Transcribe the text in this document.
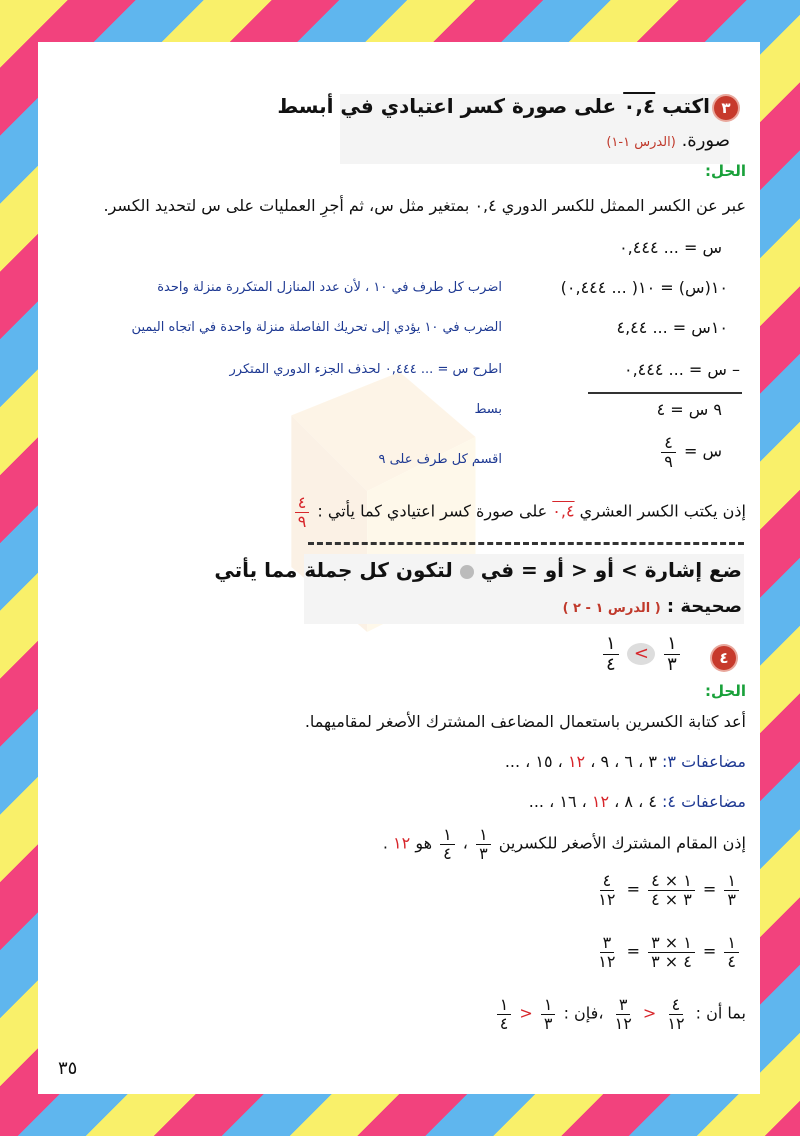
٣
اكتب ٠,٤ على صورة كسر اعتيادي في أبسط
صورة. (الدرس ١-١)
الحل:
عبر عن الكسر الممثل للكسر الدوري ٠,٤ بمتغير مثل س، ثم أجرِ العمليات على س لتحديد الكسر.
س = ... ٠,٤٤٤
١٠(س) = ١٠( ... ٠,٤٤٤)
اضرب كل طرف في ١٠ ، لأن عدد المنازل المتكررة منزلة واحدة
١٠س = ... ٤,٤٤
الضرب في ١٠ يؤدي إلى تحريك الفاصلة منزلة واحدة في اتجاه اليمين
– س = ... ٠,٤٤٤
اطرح س = ... ٠,٤٤٤ لحذف الجزء الدوري المتكرر
٩ س = ٤
بسط
س =
$\frac{٤}{٩}$
اقسم كل طرف على ٩
إذن يكتب الكسر العشري ٠,٤ على صورة كسر اعتيادي كما يأتي :
$\frac{٤}{٩}$
ضع إشارة > أو < أو = في  لتكون كل جملة مما يأتي
صحيحة : ( الدرس ١ - ٢ )
٤
$\frac{١}{٤} < \frac{١}{٣}$
الحل:
أعد كتابة الكسرين باستعمال المضاعف المشترك الأصغر لمقاميهما.
مضاعفات ٣: ٣ ، ٦ ، ٩ ، ١٢ ، ١٥ ، ...
مضاعفات ٤: ٤ ، ٨ ، ١٢ ، ١٦ ، ...
إذن المقام المشترك الأصغر للكسرين
$\frac{١}{٣}$
،
$\frac{١}{٤}$
هو ١٢ .
$\frac{١}{٣}$
=
$\frac{١ \times ٤}{٣ \times ٤}$
=
$\frac{٤}{١٢}$
$\frac{١}{٤}$
=
$\frac{١ \times ٣}{٤ \times ٣}$
=
$\frac{٣}{١٢}$
بما أن :
$\frac{٤}{١٢}$
<
$\frac{٣}{١٢}$
،فإن :
$\frac{١}{٣}$
<
$\frac{١}{٤}$
٣٥
